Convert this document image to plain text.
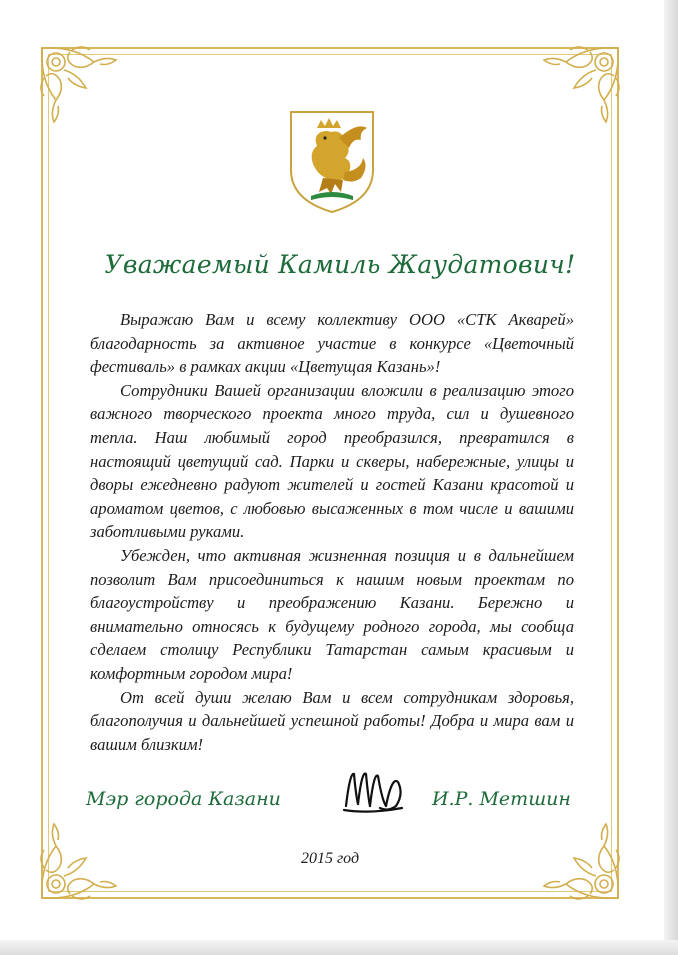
Уважаемый Камиль Жаудатович!

Выражаю Вам и всему коллективу ООО «СТК Акварей» благодарность за активное участие в конкурсе «Цветочный фестиваль» в рамках акции «Цветущая Казань»!

Сотрудники Вашей организации вложили в реализацию этого важного творческого проекта много труда, сил и душевного тепла. Наш любимый город преобразился, превратился в настоящий цветущий сад. Парки и скверы, набережные, улицы и дворы ежедневно радуют жителей и гостей Казани красотой и ароматом цветов, с любовью высаженных в том числе и вашими заботливыми руками.

Убежден, что активная жизненная позиция и в дальнейшем позволит Вам присоединиться к нашим новым проектам по благоустройству и преображению Казани. Бережно и внимательно относясь к будущему родного города, мы сообща сделаем столицу Республики Татарстан самым красивым и комфортным городом мира!

От всей души желаю Вам и всем сотрудникам здоровья, благополучия и дальнейшей успешной работы! Добра и мира вам и вашим близким!

Мэр города Казани	И.Р. Метшин
2015 год
